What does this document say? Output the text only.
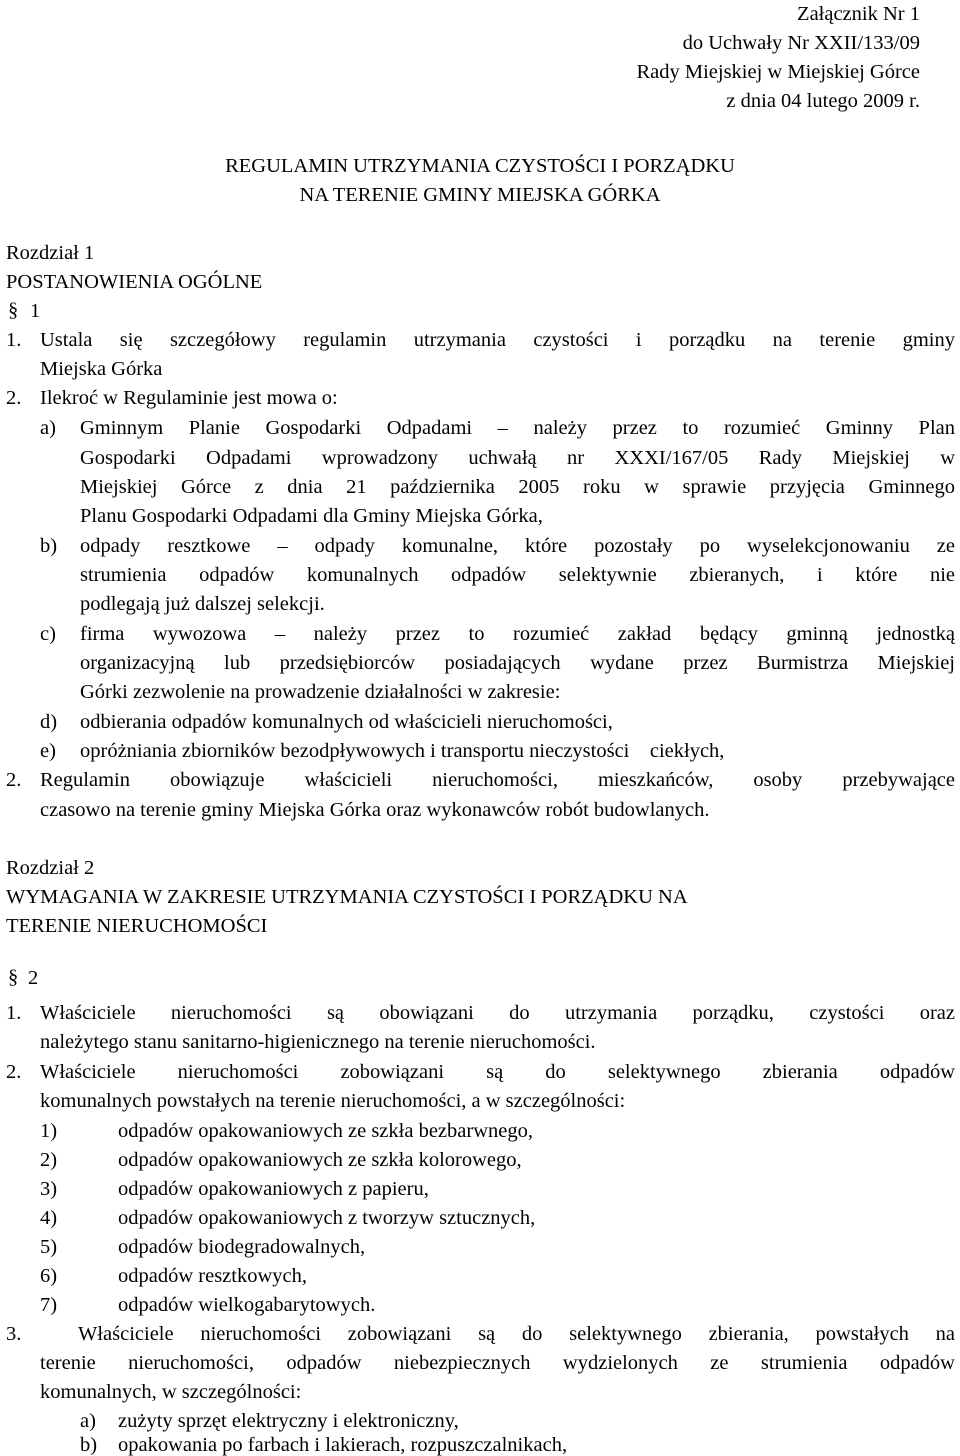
Załącznik Nr 1
do Uchwały Nr XXII/133/09
Rady Miejskiej w Miejskiej Górce
z dnia 04 lutego 2009 r.
REGULAMIN UTRZYMANIA CZYSTOŚCI I PORZĄDKU
NA TERENIE GMINY MIEJSKA GÓRKA
Rozdział 1
POSTANOWIENIA OGÓLNE
§ 1
1. Ustala się szczegółowy regulamin utrzymania czystości i porządku na terenie gminy
Miejska Górka
2. Ilekroć w Regulaminie jest mowa o:
a) Gminnym Planie Gospodarki Odpadami – należy przez to rozumieć Gminny Plan
Gospodarki Odpadami wprowadzony uchwałą nr XXXI/167/05 Rady Miejskiej w
Miejskiej Górce z dnia 21 października 2005 roku w sprawie przyjęcia Gminnego
Planu Gospodarki Odpadami dla Gminy Miejska Górka,
b) odpady resztkowe – odpady komunalne, które pozostały po wyselekcjonowaniu ze
strumienia odpadów komunalnych odpadów selektywnie zbieranych, i które nie
podlegają już dalszej selekcji.
c) firma wywozowa – należy przez to rozumieć zakład będący gminną jednostką
organizacyjną lub przedsiębiorców posiadających wydane przez Burmistrza Miejskiej
Górki zezwolenie na prowadzenie działalności w zakresie:
d) odbierania odpadów komunalnych od właścicieli nieruchomości,
e) opróżniania zbiorników bezodpływowych i transportu nieczystości    ciekłych,
2. Regulamin obowiązuje właścicieli nieruchomości, mieszkańców, osoby przebywające
czasowo na terenie gminy Miejska Górka oraz wykonawców robót budowlanych.
Rozdział 2
WYMAGANIA W ZAKRESIE UTRZYMANIA CZYSTOŚCI I PORZĄDKU NA
TERENIE NIERUCHOMOŚCI
§ 2
1. Właściciele nieruchomości są obowiązani do utrzymania porządku, czystości oraz
należytego stanu sanitarno-higienicznego na terenie nieruchomości.
2. Właściciele nieruchomości zobowiązani są do selektywnego zbierania odpadów
komunalnych powstałych na terenie nieruchomości, a w szczególności:
1)	odpadów opakowaniowych ze szkła bezbarwnego,
2)	odpadów opakowaniowych ze szkła kolorowego,
3)	odpadów opakowaniowych z papieru,
4)	odpadów opakowaniowych z tworzyw sztucznych,
5)	odpadów biodegradowalnych,
6)	odpadów resztkowych,
7)	odpadów wielkogabarytowych.
3.	Właściciele nieruchomości zobowiązani są do selektywnego zbierania, powstałych na
terenie nieruchomości, odpadów niebezpiecznych wydzielonych ze strumienia odpadów
komunalnych, w szczególności:
a) zużyty sprzęt elektryczny i elektroniczny,
b) opakowania po farbach i lakierach, rozpuszczalnikach,
